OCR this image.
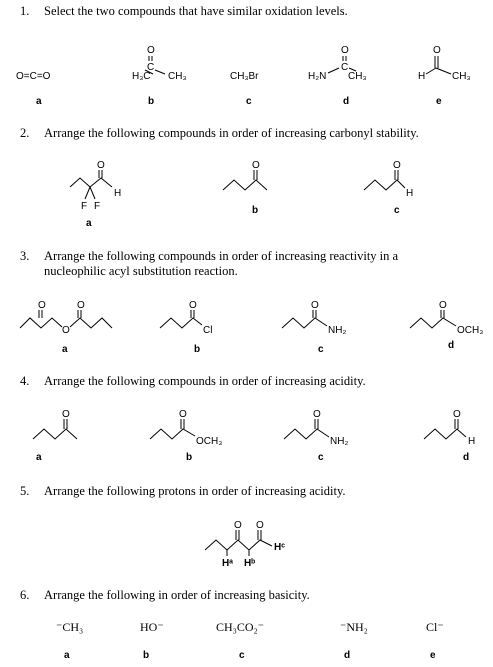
1. Select the two compounds that have similar oxidation levels.
2. Arrange the following compounds in order of increasing carbonyl stability.
3. Arrange the following compounds in order of increasing reactivity in a
nucleophilic acyl substitution reaction.
4. Arrange the following compounds in order of increasing acidity.
5. Arrange the following protons in order of increasing acidity.
6. Arrange the following in order of increasing basicity.
O=C=O	H₃C CH₃
O
C
CH₃Br	H₂N CH₃
O
C
H	CH₃
O
a	b	c	d	e
O
H
F F
O	O
H
a
b	c
O	O
O
O
Cl
O
NH₂
O
OCH₃
a	b	c	d
O	O
OCH₃
O
NH₂
O
H
a	b	c	d
O O
Hᵃ Hᵇ
Hᶜ
⁻CH₃	HO⁻	CH₃CO₂⁻	⁻NH₂	Cl⁻
a	b	c	d	e
